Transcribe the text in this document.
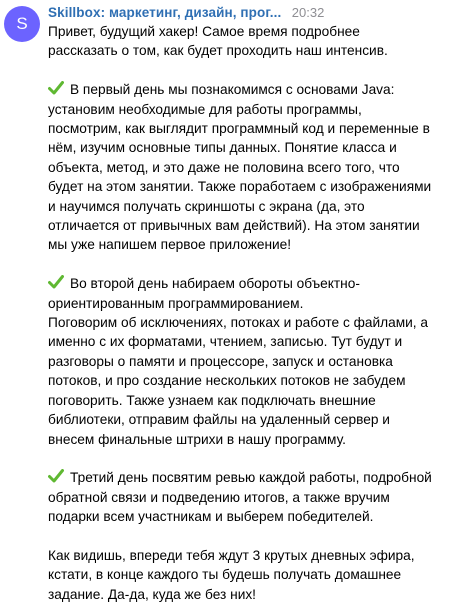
S
Skillbox: маркетинг, дизайн, прог... 20:32
Привет, будущий хакер! Самое время подробнее
рассказать о том, как будет проходить наш интенсив.
В первый день мы познакомимся с основами Java:
установим необходимые для работы программы,
посмотрим, как выглядит программный код и переменные в
нём, изучим основные типы данных. Понятие класса и
объекта, метод, и это даже не половина всего того, что
будет на этом занятии. Также поработаем с изображениями
и научимся получать скриншоты с экрана (да, это
отличается от привычных вам действий). На этом занятии
мы уже напишем первое приложение!
Во второй день набираем обороты объектно-
ориентированным программированием.
Поговорим об исключениях, потоках и работе с файлами, а
именно с их форматами, чтением, записью. Тут будут и
разговоры о памяти и процессоре, запуск и остановка
потоков, и про создание нескольких потоков не забудем
поговорить. Также узнаем как подключать внешние
библиотеки, отправим файлы на удаленный сервер и
внесем финальные штрихи в нашу программу.
Третий день посвятим ревью каждой работы, подробной
обратной связи и подведению итогов, а также вручим
подарки всем участникам и выберем победителей.
Как видишь, впереди тебя ждут 3 крутых дневных эфира,
кстати, в конце каждого ты будешь получать домашнее
задание. Да-да, куда же без них!
